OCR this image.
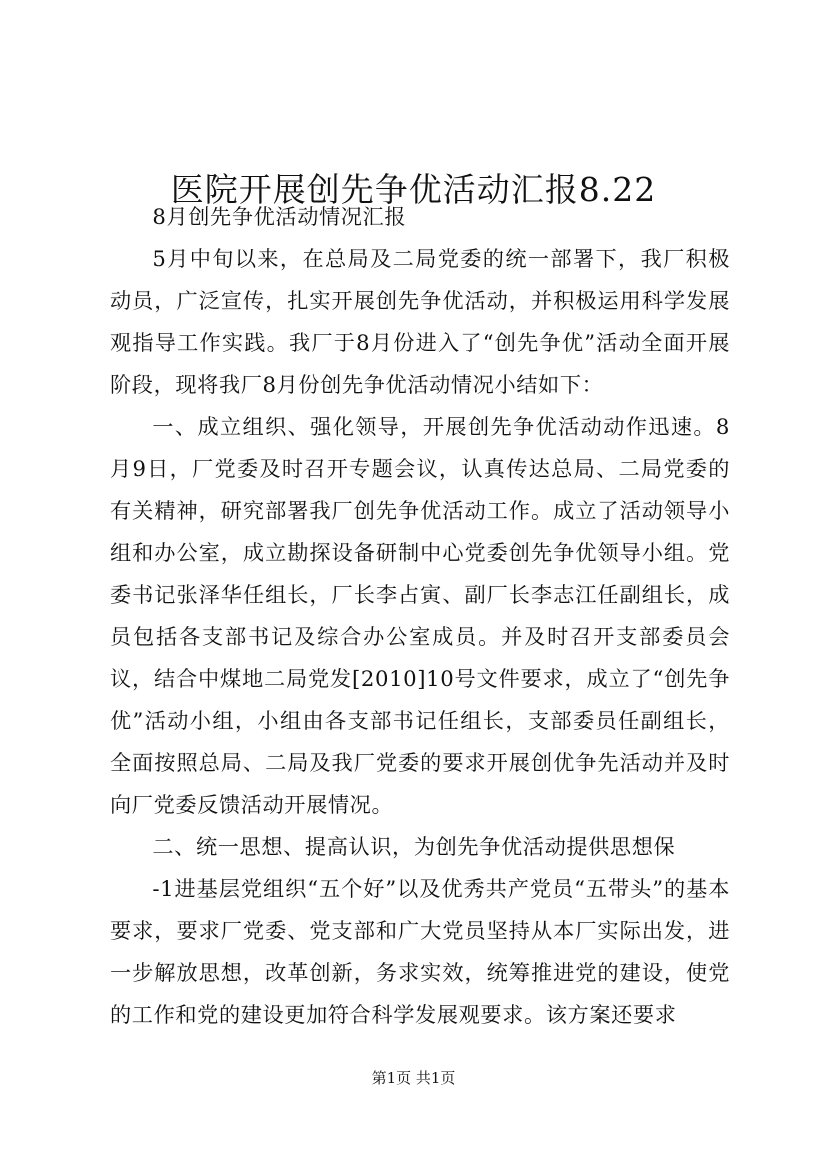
医院开展创先争优活动汇报8.22

8月创先争优活动情况汇报

5月中旬以来，在总局及二局党委的统一部署下，我厂积极动员，广泛宣传，扎实开展创先争优活动，并积极运用科学发展观指导工作实践。我厂于8月份进入了“创先争优”活动全面开展阶段，现将我厂8月份创先争优活动情况小结如下：

一、成立组织、强化领导，开展创先争优活动动作迅速。8月9日，厂党委及时召开专题会议，认真传达总局、二局党委的有关精神，研究部署我厂创先争优活动工作。成立了活动领导小组和办公室，成立勘探设备研制中心党委创先争优领导小组。党委书记张泽华任组长，厂长李占寅、副厂长李志江任副组长，成员包括各支部书记及综合办公室成员。并及时召开支部委员会议，结合中煤地二局党发[2010]10号文件要求，成立了“创先争优”活动小组，小组由各支部书记任组长，支部委员任副组长，全面按照总局、二局及我厂党委的要求开展创优争先活动并及时向厂党委反馈活动开展情况。

二、统一思想、提高认识，为创先争优活动提供思想保

-1进基层党组织“五个好”以及优秀共产党员“五带头”的基本要求，要求厂党委、党支部和广大党员坚持从本厂实际出发，进一步解放思想，改革创新，务求实效，统筹推进党的建设，使党的工作和党的建设更加符合科学发展观要求。该方案还要求

第1页 共1页
